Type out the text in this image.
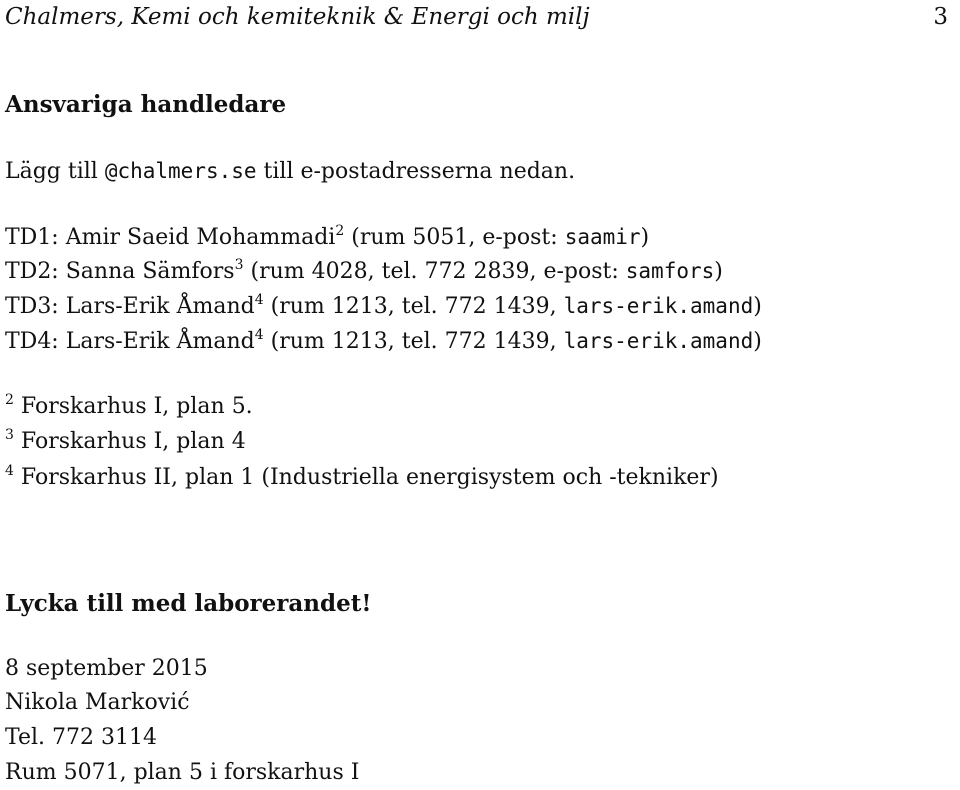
Chalmers, Kemi och kemiteknik & Energi och milj	3
Ansvariga handledare
Lägg till @chalmers.se till e-postadresserna nedan.
TD1: Amir Saeid Mohammadi$^2$ (rum 5051, e-post: saamir)
TD2: Sanna Sämfors$^3$ (rum 4028, tel. 772 2839, e-post: samfors)
TD3: Lars-Erik Åmand$^4$ (rum 1213, tel. 772 1439, lars-erik.amand)
TD4: Lars-Erik Åmand$^4$ (rum 1213, tel. 772 1439, lars-erik.amand)
$^2$ Forskarhus I, plan 5.
$^3$ Forskarhus I, plan 4
$^4$ Forskarhus II, plan 1 (Industriella energisystem och -tekniker)
Lycka till med laborerandet!
8 september 2015
Nikola Marković
Tel. 772 3114
Rum 5071, plan 5 i forskarhus I
